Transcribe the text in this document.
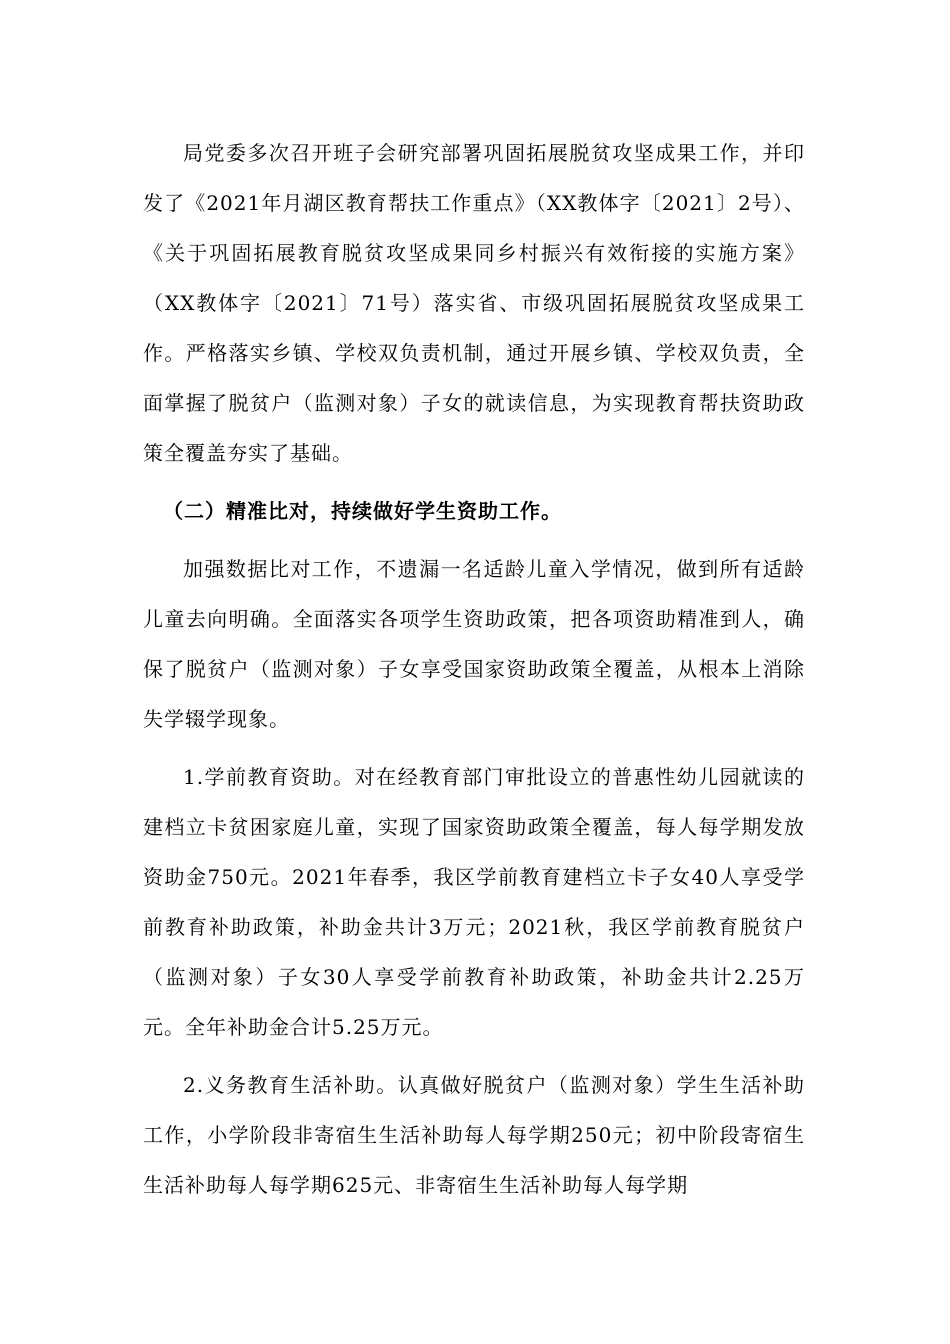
局党委多次召开班子会研究部署巩固拓展脱贫攻坚成果工作，并印发了《2021年月湖区教育帮扶工作重点》（XX教体字〔2021〕2号）、《关于巩固拓展教育脱贫攻坚成果同乡村振兴有效衔接的实施方案》（XX教体字〔2021〕71号）落实省、市级巩固拓展脱贫攻坚成果工作。严格落实乡镇、学校双负责机制，通过开展乡镇、学校双负责，全面掌握了脱贫户（监测对象）子女的就读信息，为实现教育帮扶资助政策全覆盖夯实了基础。

（二）精准比对，持续做好学生资助工作。

加强数据比对工作，不遗漏一名适龄儿童入学情况，做到所有适龄儿童去向明确。全面落实各项学生资助政策，把各项资助精准到人，确保了脱贫户（监测对象）子女享受国家资助政策全覆盖，从根本上消除失学辍学现象。

1.学前教育资助。对在经教育部门审批设立的普惠性幼儿园就读的建档立卡贫困家庭儿童，实现了国家资助政策全覆盖，每人每学期发放资助金750元。2021年春季，我区学前教育建档立卡子女40人享受学前教育补助政策，补助金共计3万元；2021秋，我区学前教育脱贫户（监测对象）子女30人享受学前教育补助政策，补助金共计2.25万元。全年补助金合计5.25万元。

2.义务教育生活补助。认真做好脱贫户（监测对象）学生生活补助工作，小学阶段非寄宿生生活补助每人每学期250元；初中阶段寄宿生生活补助每人每学期625元、非寄宿生生活补助每人每学期
